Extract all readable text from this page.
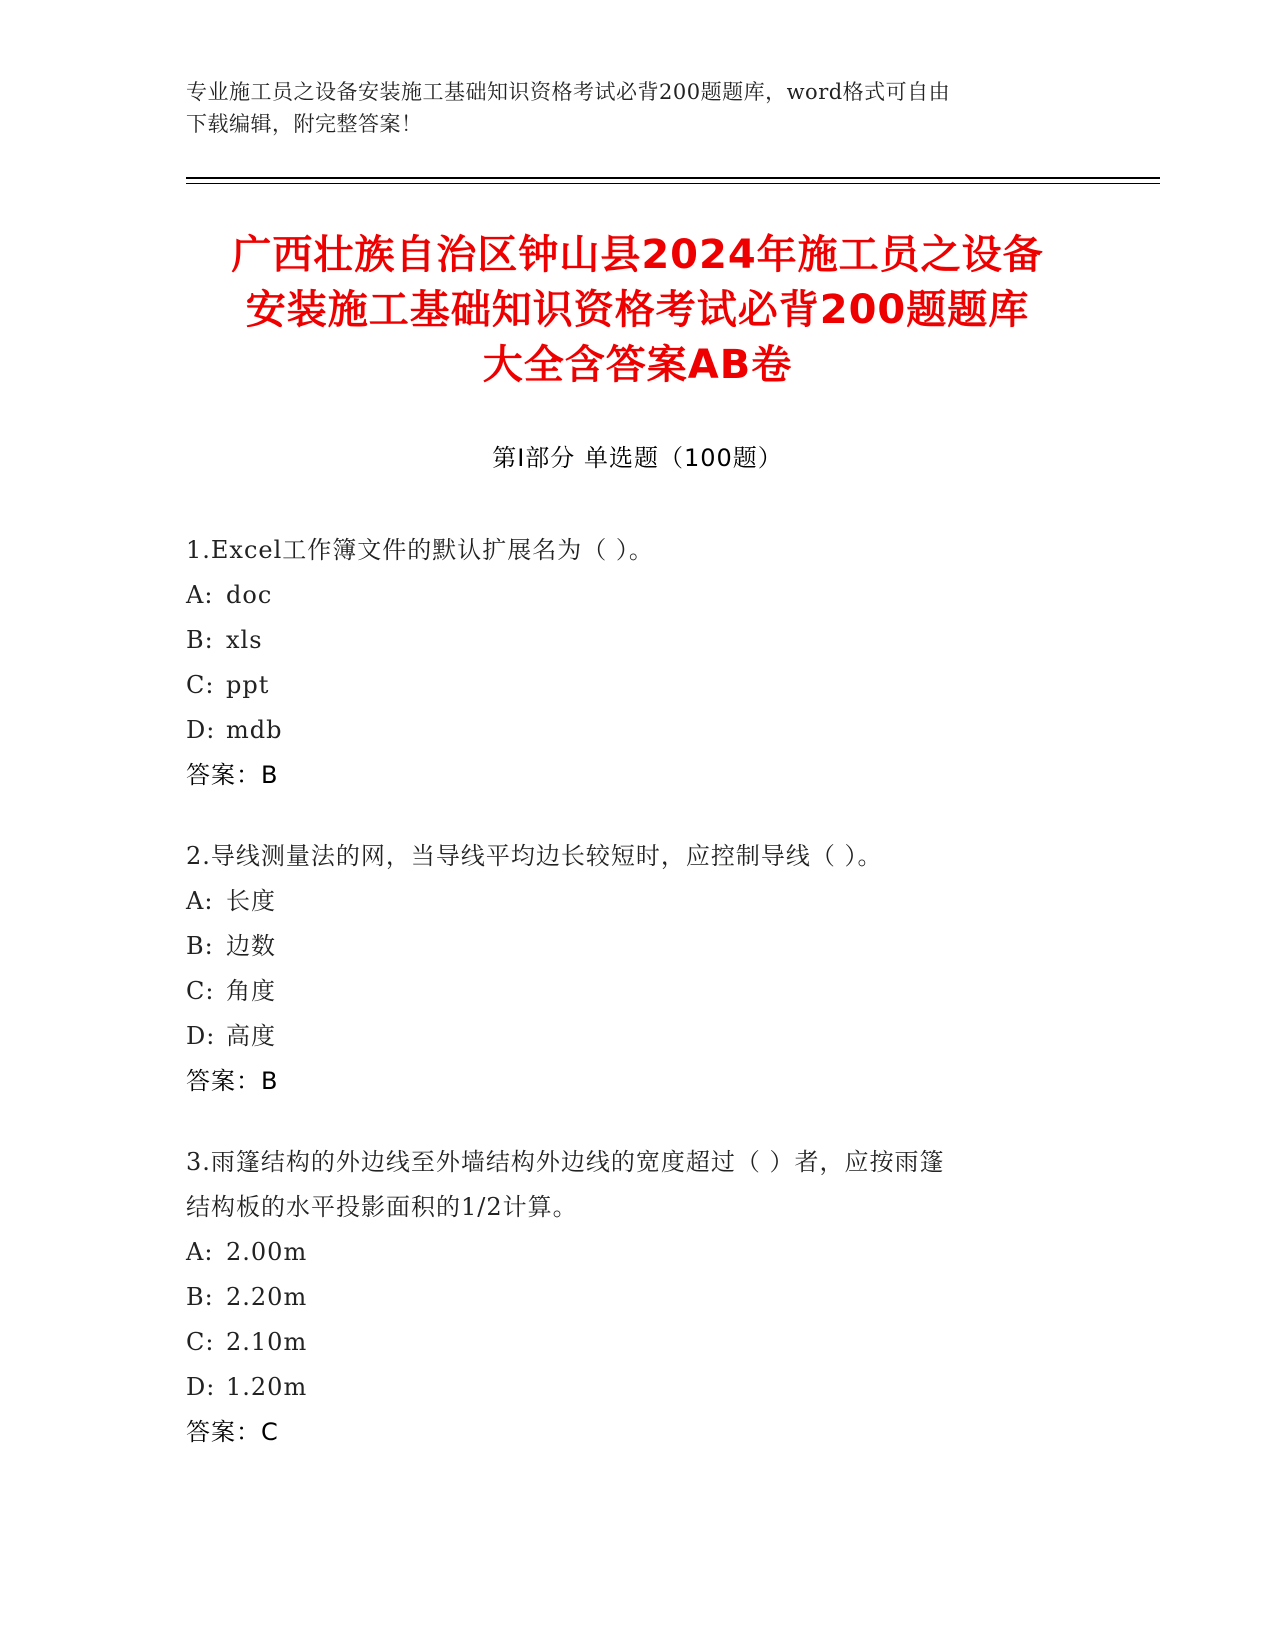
专业施工员之设备安装施工基础知识资格考试必背200题题库，word格式可自由
下载编辑，附完整答案！
广西壮族自治区钟山县2024年施工员之设备
安装施工基础知识资格考试必背200题题库
大全含答案AB卷
第Ⅰ部分 单选题（100题）
1.Excel工作簿文件的默认扩展名为（ ）。
A: doc
B: xls
C: ppt
D: mdb
答案：B
2.导线测量法的网，当导线平均边长较短时，应控制导线（ ）。
A: 长度
B: 边数
C: 角度
D: 高度
答案：B
3.雨篷结构的外边线至外墙结构外边线的宽度超过（ ）者，应按雨篷
结构板的水平投影面积的1/2计算。
A: 2.00m
B: 2.20m
C: 2.10m
D: 1.20m
答案：C
